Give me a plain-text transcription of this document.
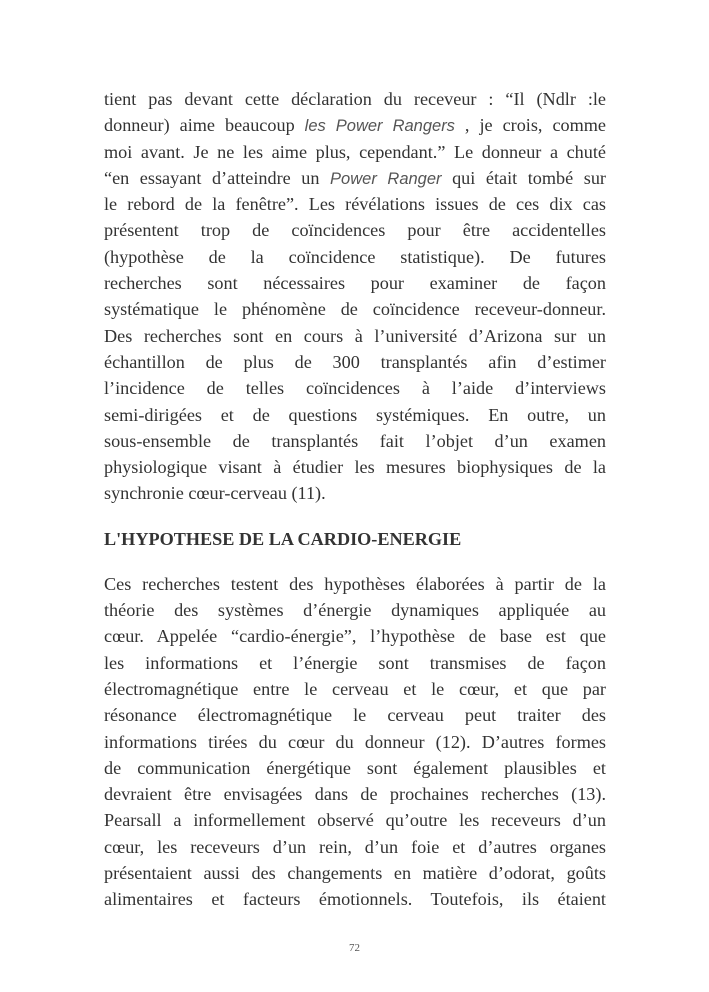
tient pas devant cette déclaration du receveur : “Il (Ndlr :le
donneur) aime beaucoup les Power Rangers , je crois, comme
moi avant. Je ne les aime plus, cependant.” Le donneur a chuté
“en essayant d’atteindre un Power Ranger qui était tombé sur
le rebord de la fenêtre”. Les révélations issues de ces dix cas
présentent trop de coïncidences pour être accidentelles
(hypothèse de la coïncidence statistique). De futures
recherches sont nécessaires pour examiner de façon
systématique le phénomène de coïncidence receveur-donneur.
Des recherches sont en cours à l’université d’Arizona sur un
échantillon de plus de 300 transplantés afin d’estimer
l’incidence de telles coïncidences à l’aide d’interviews
semi-dirigées et de questions systémiques. En outre, un
sous-ensemble de transplantés fait l’objet d’un examen
physiologique visant à étudier les mesures biophysiques de la
synchronie cœur-cerveau (11).
L'HYPOTHESE DE LA CARDIO-ENERGIE
Ces recherches testent des hypothèses élaborées à partir de la
théorie des systèmes d’énergie dynamiques appliquée au
cœur. Appelée “cardio-énergie”, l’hypothèse de base est que
les informations et l’énergie sont transmises de façon
électromagnétique entre le cerveau et le cœur, et que par
résonance électromagnétique le cerveau peut traiter des
informations tirées du cœur du donneur (12). D’autres formes
de communication énergétique sont également plausibles et
devraient être envisagées dans de prochaines recherches (13).
Pearsall a informellement observé qu’outre les receveurs d’un
cœur, les receveurs d’un rein, d’un foie et d’autres organes
présentaient aussi des changements en matière d’odorat, goûts
alimentaires et facteurs émotionnels. Toutefois, ils étaient
72
